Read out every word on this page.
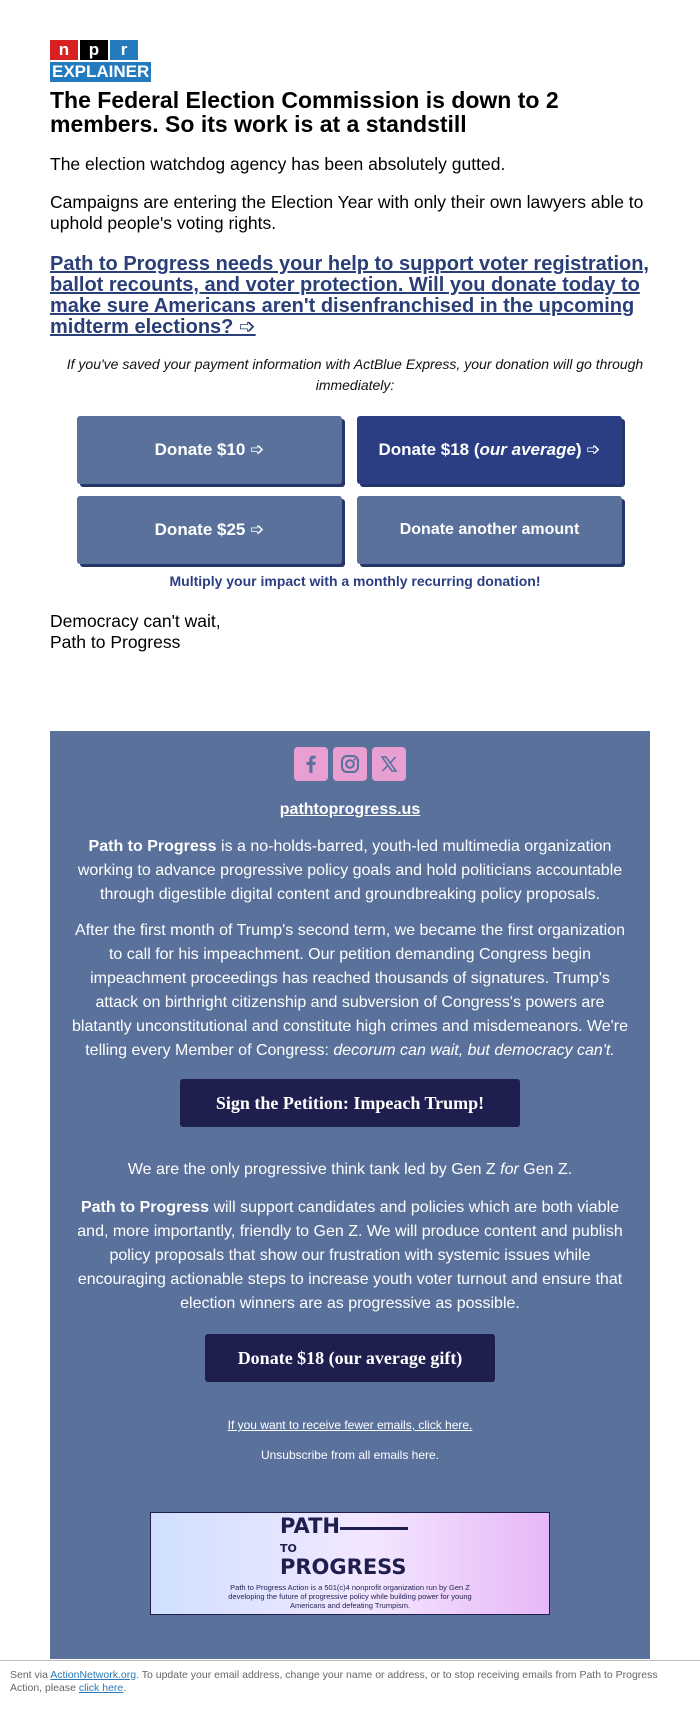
n	p	r
EXPLAINER
The Federal Election Commission is down to 2 members. So its work is at a standstill

The election watchdog agency has been absolutely gutted.

Campaigns are entering the Election Year with only their own lawyers able to uphold people's voting rights.

Path to Progress needs your help to support voter registration, ballot recounts, and voter protection. Will you donate today to make sure Americans aren't disenfranchised in the upcoming midterm elections? ➩

If you've saved your payment information with ActBlue Express, your donation will go through immediately:

Donate $10 ➩	Donate $18 ( our average ) ➩
Donate $25 ➩	Donate another amount
Multiply your impact with a monthly recurring donation!
Democracy can't wait,
Path to Progress
pathtoprogress.us

Path to Progress is a no-holds-barred, youth-led multimedia organization working to advance progressive policy goals and hold politicians accountable through digestible digital content and groundbreaking policy proposals.

After the first month of Trump's second term, we became the first organization to call for his impeachment. Our petition demanding Congress begin impeachment proceedings has reached thousands of signatures. Trump's attack on birthright citizenship and subversion of Congress's powers are blatantly unconstitutional and constitute high crimes and misdemeanors. We're telling every Member of Congress: decorum can wait, but democracy can't.

Sign the Petition: Impeach Trump!

We are the only progressive think tank led by Gen Z for Gen Z.

Path to Progress will support candidates and policies which are both viable and, more importantly, friendly to Gen Z. We will produce content and publish policy proposals that show our frustration with systemic issues while encouraging actionable steps to increase youth voter turnout and ensure that election winners are as progressive as possible.

Donate $18 (our average gift)
If you want to receive fewer emails, click here.

Unsubscribe from all emails here.

PATH
TOPROGRESS
Path to Progress Action is a 501(c)4 nonprofit organization run by Gen Z developing the future of progressive policy while building power for young Americans and defeating Trumpism.
Sent via ActionNetwork.org. To update your email address, change your name or address, or to stop receiving emails from Path to Progress Action, please click here.
